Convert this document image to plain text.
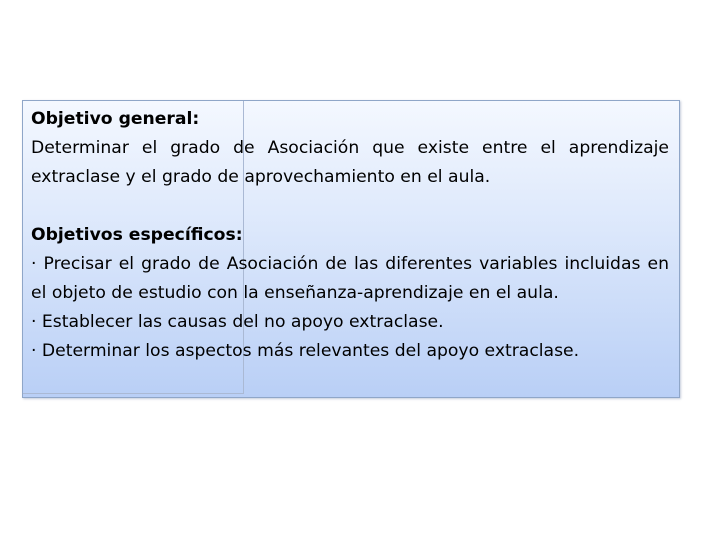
Objetivo general:

Determinar el grado de Asociación que existe entre el aprendizaje extraclase y el grado de aprovechamiento en el aula.

Objetivos específicos:

· Precisar el grado de Asociación de las diferentes variables incluidas en el objeto de estudio con la enseñanza-aprendizaje en el aula.

· Establecer las causas del no apoyo extraclase.

· Determinar los aspectos más relevantes del apoyo extraclase.
